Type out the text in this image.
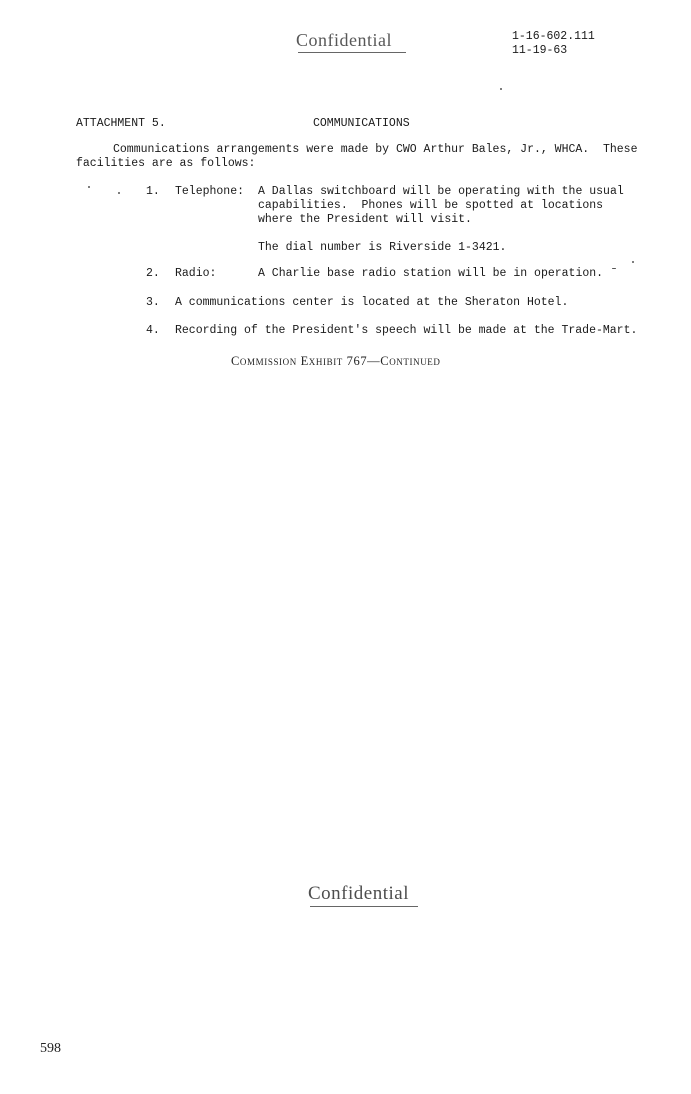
Confidential	1-16-602.111
11-19-63
ATTACHMENT 5.	COMMUNICATIONS
Communications arrangements were made by CWO Arthur Bales, Jr., WHCA.  These
facilities are as follows:
1. Telephone: A Dallas switchboard will be operating with the usual
capabilities.  Phones will be spotted at locations
where the President will visit.
The dial number is Riverside 1-3421.
2. Radio:	A Charlie base radio station will be in operation.
3. A communications center is located at the Sheraton Hotel.
4. Recording of the President's speech will be made at the Trade-Mart.
Commission Exhibit 767—Continued
Confidential
598
